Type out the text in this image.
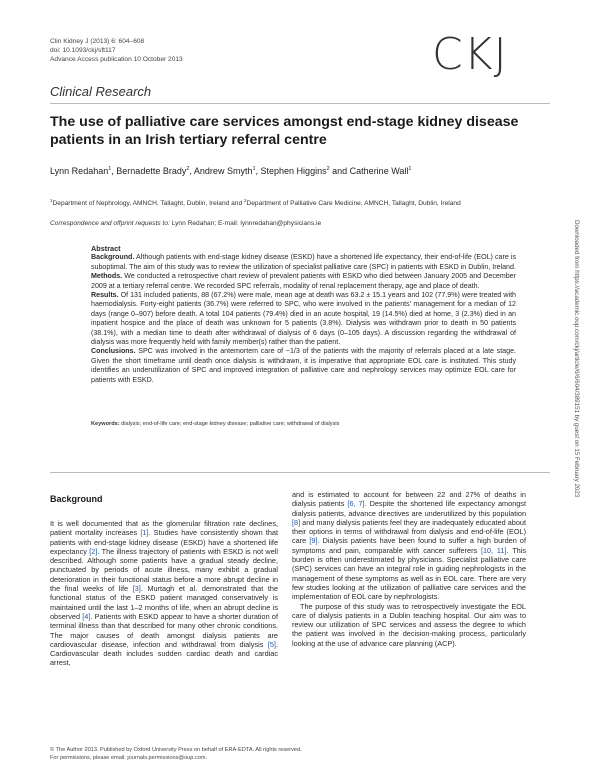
Clin Kidney J (2013) 6: 604–608
doi: 10.1093/ckj/sft117
Advance Access publication 10 October 2013	CKJ
Clinical Research
The use of palliative care services amongst end-stage kidney disease patients in an Irish tertiary referral centre
Lynn Redahan$^1$, Bernadette Brady$^2$, Andrew Smyth$^1$, Stephen Higgins$^2$ and Catherine Wall$^1$
$^1$Department of Nephrology, AMNCH, Tallaght, Dublin, Ireland and $^2$Department of Palliative Care Medicine, AMNCH, Tallaght, Dublin, Ireland
Correspondence and offprint requests to: Lynn Redahan; E-mail: lynnredahan@physicians.ie
Abstract

Background. Although patients with end-stage kidney disease (ESKD) have a shortened life expectancy, their end-of-life (EOL) care is suboptimal. The aim of this study was to review the utilization of specialist palliative care (SPC) in patients with ESKD in Dublin, Ireland.

Methods. We conducted a retrospective chart review of prevalent patients with ESKD who died between January 2005 and December 2009 at a tertiary referral centre. We recorded SPC referrals, modality of renal replacement therapy, age and place of death.

Results. Of 131 included patients, 88 (67.2%) were male, mean age at death was 63.2 ± 15.1 years and 102 (77.9%) were treated with haemodialysis. Forty-eight patients (36.7%) were referred to SPC, who were involved in the patients' management for a median of 12 days (range 0–907) before death. A total 104 patients (79.4%) died in an acute hospital, 19 (14.5%) died at home, 3 (2.3%) died in an inpatient hospice and the place of death was unknown for 5 patients (3.8%). Dialysis was withdrawn prior to death in 50 patients (38.1%), with a median time to death after withdrawal of dialysis of 6 days (0–105 days). A discussion regarding the withdrawal of dialysis was more frequently held with family member(s) rather than the patient.

Conclusions. SPC was involved in the antemortem care of ~1/3 of the patients with the majority of referrals placed at a late stage. Given the short timeframe until death once dialysis is withdrawn, it is imperative that appropriate EOL care is instituted. This study identifies an underutilization of SPC and improved integration of palliative care and nephrology services may optimize EOL care for patients with ESKD.

Keywords: dialysis; end-of-life care; end-stage kidney disease; palliative care; withdrawal of dialysis	Downloaded from https://academic.oup.com/ckj/article/6/6/604/389151 by guest on 15 February 2023
Background

It is well documented that as the glomerular filtration rate declines, patient mortality increases [1]. Studies have consistently shown that patients with end-stage kidney disease (ESKD) have a shortened life expectancy [2]. The illness trajectory of patients with ESKD is not well described. Although some patients have a gradual steady decline, punctuated by periods of acute illness, many exhibit a gradual deterioration in their functional status before a more abrupt decline in the final weeks of life [3]. Murtagh et al. demonstrated that the functional status of the ESKD patient managed conservatively is maintained until the last 1–2 months of life, when an abrupt decline is observed [4]. Patients with ESKD appear to have a shorter duration of terminal illness than that described for many other chronic conditions. The major causes of death amongst dialysis patients are cardiovascular disease, infection and withdrawal from dialysis [5]. Cardiovascular death includes sudden cardiac death and cardiac arrest,

and is estimated to account for between 22 and 27% of deaths in dialysis patients [6, 7]. Despite the shortened life expectancy amongst dialysis patients, advance directives are underutilized by this population [8] and many dialysis patients feel they are inadequately educated about their options in terms of withdrawal from dialysis and end-of-life (EOL) care [9]. Dialysis patients have been found to suffer a high burden of symptoms and pain, comparable with cancer sufferers [10, 11]. This burden is often underestimated by physicians. Specialist palliative care (SPC) services can have an integral role in guiding nephrologists in the management of these symptoms as well as in EOL care. There are very few studies looking at the utilization of palliative care services and the implementation of EOL care by nephrologists.

The purpose of this study was to retrospectively investigate the EOL care of dialysis patients in a Dublin teaching hospital. Our aim was to review our utilization of SPC services and assess the degree to which the patient was involved in the decision-making process, particularly looking at the use of advance care planning (ACP).

© The Author 2013. Published by Oxford University Press on behalf of ERA-EDTA. All rights reserved.
For permissions, please email: journals.permissions@oup.com.
